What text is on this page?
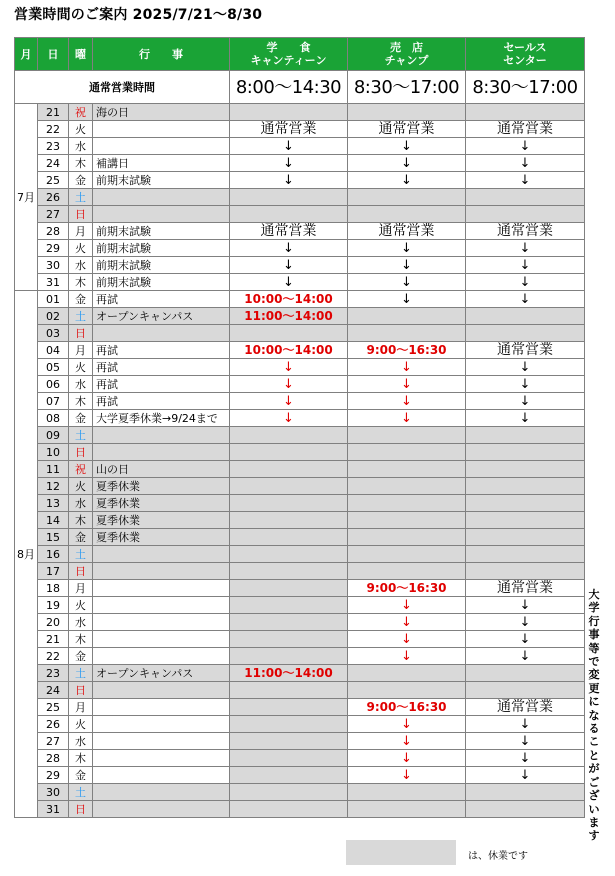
営業時間のご案内 2025/7/21～8/30
月	日	曜	行　　事	学　　食
キャンティーン	売　店
チャンプ	セールス
センター
通常営業時間				8:00～14:30	8:30～17:00	8:30～17:00
7月	21	祝	海の日			
	22	火		通常営業	通常営業	通常営業
	23	水		↓	↓	↓
	24	木	補講日	↓	↓	↓
	25	金	前期末試験	↓	↓	↓
	26	土				
	27	日				
	28	月	前期末試験	通常営業	通常営業	通常営業
	29	火	前期末試験	↓	↓	↓
	30	水	前期末試験	↓	↓	↓
	31	木	前期末試験	↓	↓	↓
8月	01	金	再試	10:00～14:00	↓	↓
	02	土	オープンキャンパス	11:00～14:00		
	03	日				
	04	月	再試	10:00～14:00	9:00～16:30	通常営業
	05	火	再試	↓	↓	↓
	06	水	再試	↓	↓	↓
	07	木	再試	↓	↓	↓
	08	金	大学夏季休業→9/24まで	↓	↓	↓
	09	土				
	10	日				
	11	祝	山の日			
	12	火	夏季休業			
	13	水	夏季休業			
	14	木	夏季休業			
	15	金	夏季休業			
	16	土				
	17	日				
	18	月			9:00～16:30	通常営業
	19	火			↓	↓
	20	水			↓	↓
	21	木			↓	↓
	22	金			↓	↓
	23	土	オープンキャンパス	11:00～14:00		
	24	日				
	25	月			9:00～16:30	通常営業
	26	火			↓	↓
	27	水			↓	↓
	28	木			↓	↓
	29	金			↓	↓
	30	土				
	31	日				
大学行事等で変更になることがございます
は、休業です
